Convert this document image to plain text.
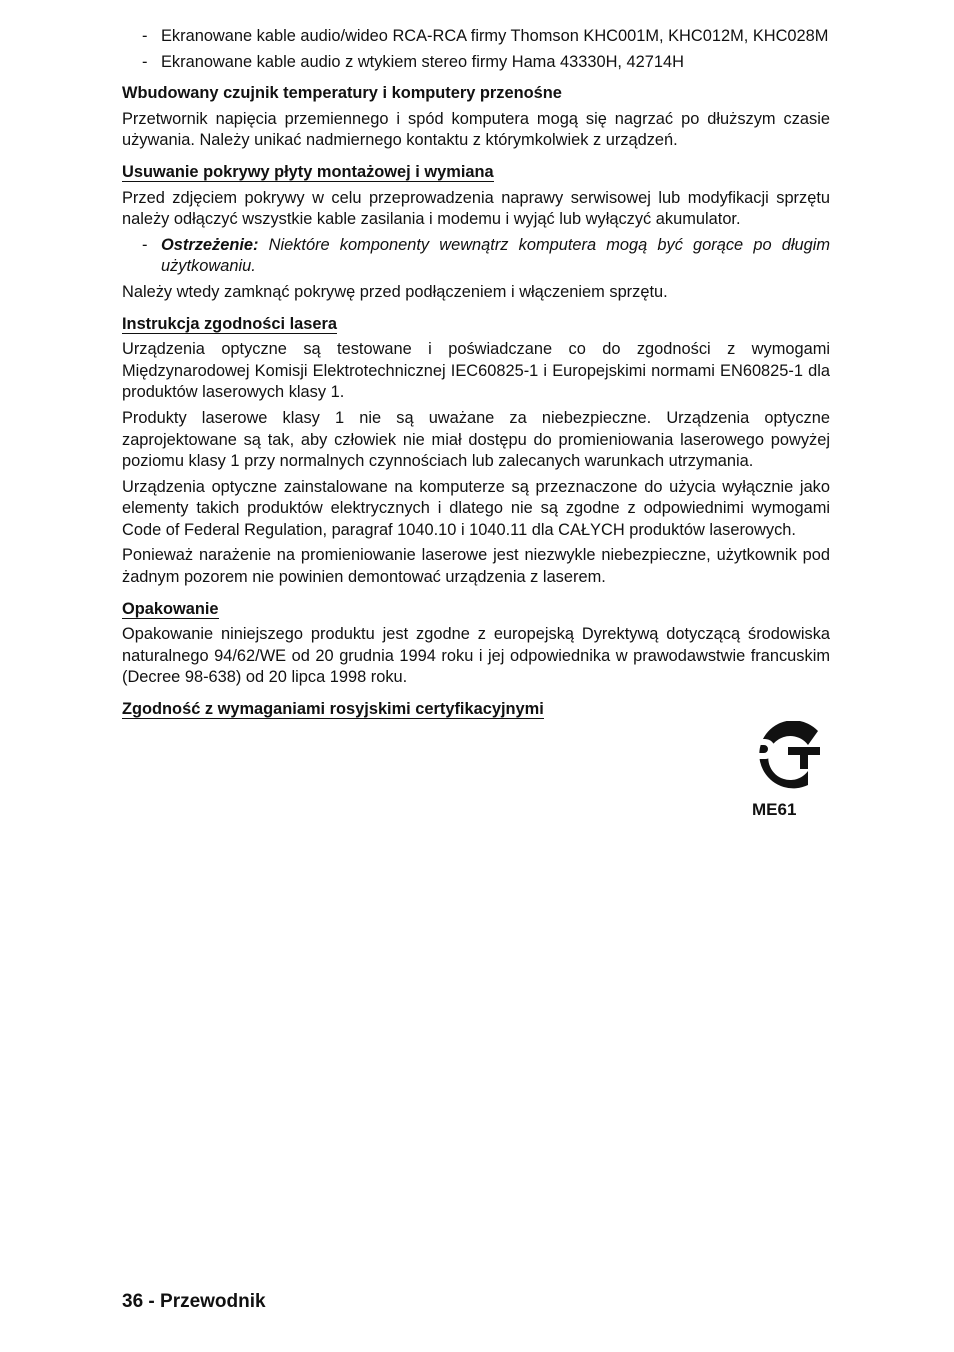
- Ekranowane kable audio/wideo RCA-RCA firmy Thomson KHC001M, KHC012M, KHC028M
- Ekranowane kable audio z wtykiem stereo firmy Hama 43330H, 42714H
Wbudowany czujnik temperatury i komputery przenośne

Przetwornik napięcia przemiennego i spód komputera mogą się nagrzać po dłuższym czasie używania. Należy unikać nadmiernego kontaktu z którymkolwiek z urządzeń.

Usuwanie pokrywy płyty montażowej i wymiana

Przed zdjęciem pokrywy w celu przeprowadzenia naprawy serwisowej lub modyfikacji sprzętu należy odłączyć wszystkie kable zasilania i modemu i wyjąć lub wyłączyć akumulator.

- Ostrzeżenie: Niektóre komponenty wewnątrz komputera mogą być gorące po długim użytkowaniu.

Należy wtedy zamknąć pokrywę przed podłączeniem i włączeniem sprzętu.

Instrukcja zgodności lasera

Urządzenia optyczne są testowane i poświadczane co do zgodności z wymogami Międzynarodowej Komisji Elektrotechnicznej IEC60825-1 i Europejskimi normami EN60825-1 dla produktów laserowych klasy 1.

Produkty laserowe klasy 1 nie są uważane za niebezpieczne. Urządzenia optyczne zaprojektowane są tak, aby człowiek nie miał dostępu do promieniowania laserowego powyżej poziomu klasy 1 przy normalnych czynnościach lub zalecanych warunkach utrzymania.

Urządzenia optyczne zainstalowane na komputerze są przeznaczone do użycia wyłącznie jako elementy takich produktów elektrycznych i dlatego nie są zgodne z odpowiednimi wymogami Code of Federal Regulation, paragraf 1040.10 i 1040.11 dla CAŁYCH produktów laserowych.

Ponieważ narażenie na promieniowanie laserowe jest niezwykle niebezpieczne, użytkownik pod żadnym pozorem nie powinien demontować urządzenia z laserem.

Opakowanie

Opakowanie niniejszego produktu jest zgodne z europejską Dyrektywą dotyczącą środowiska naturalnego 94/62/WE od 20 grudnia 1994 roku i jej odpowiednika w prawodawstwie francuskim (Decree 98-638) od 20 lipca 1998 roku.

Zgodność z wymaganiami rosyjskimi certyfikacyjnymi
ME61
36 - Przewodnik
